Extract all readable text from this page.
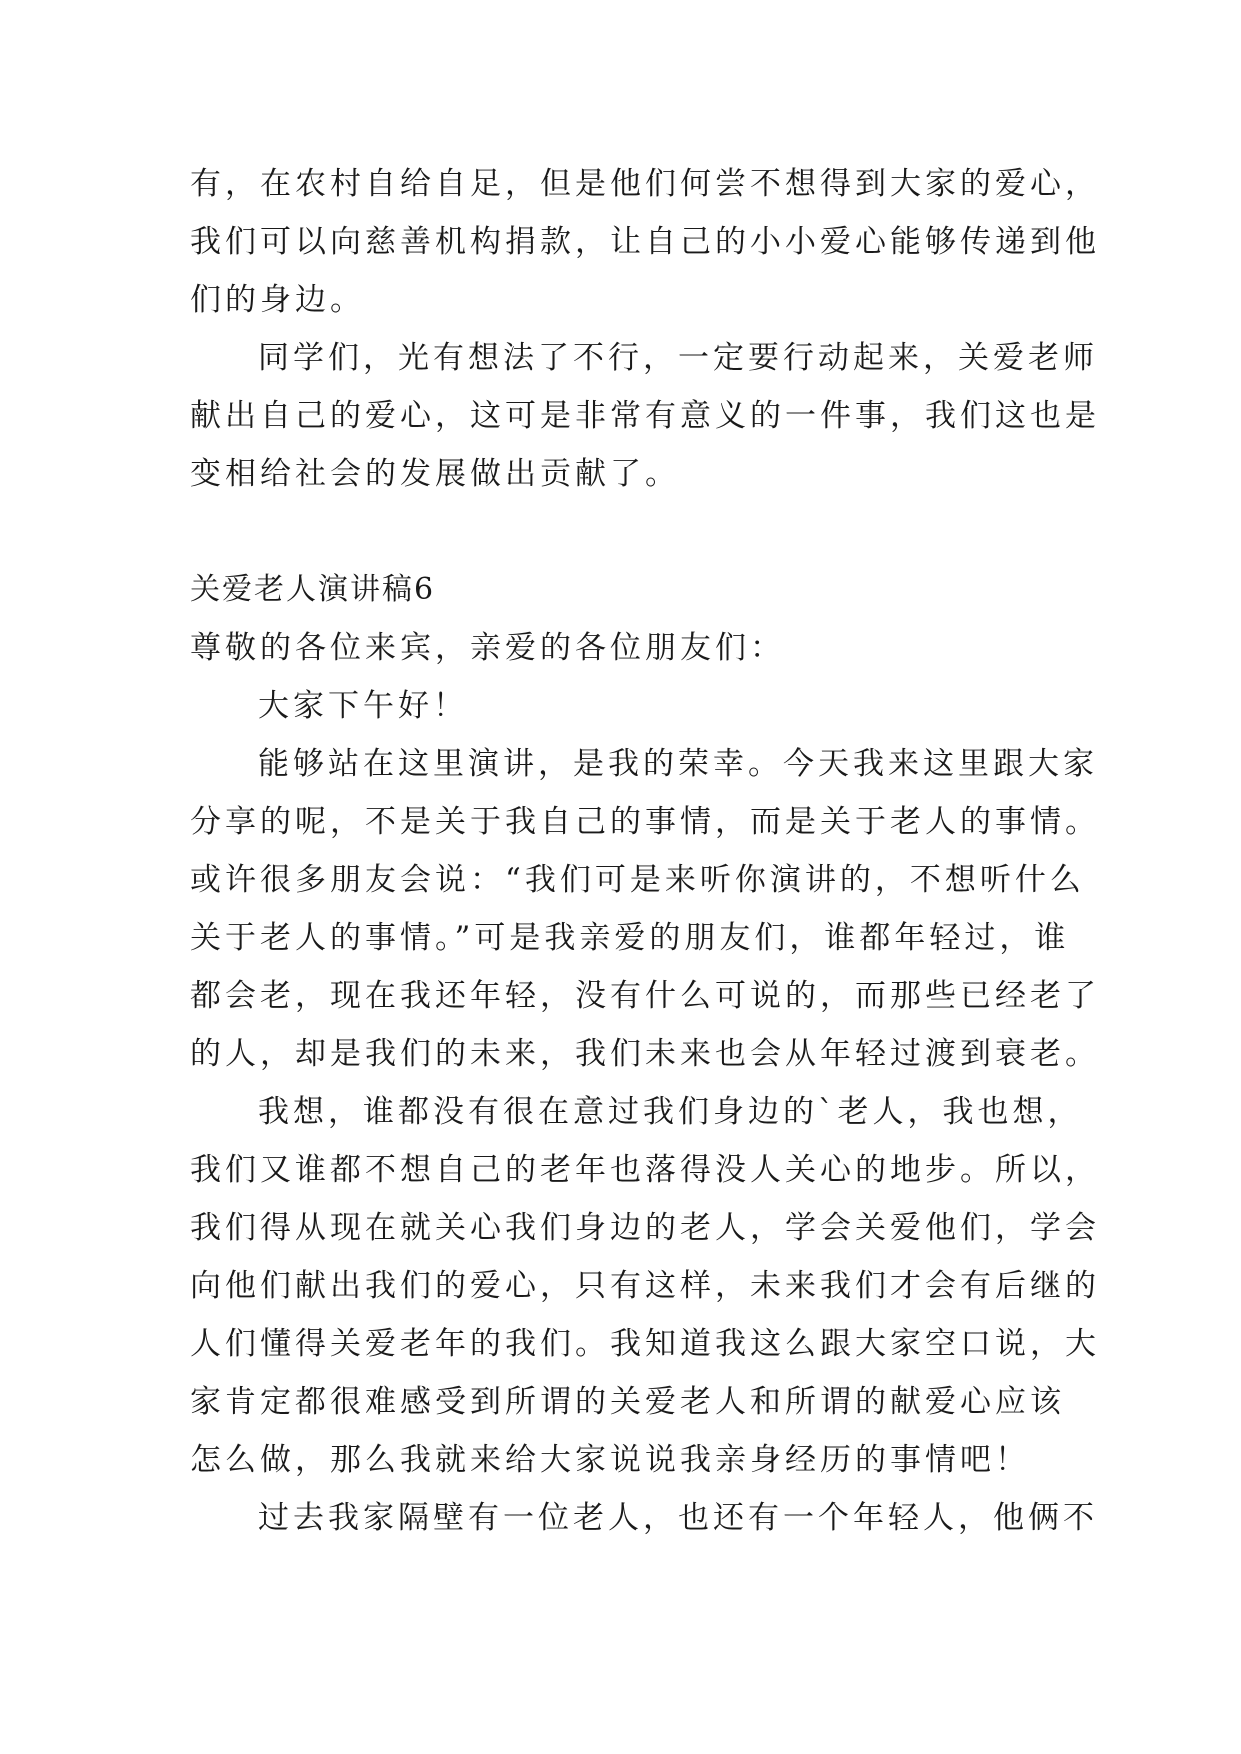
有，在农村自给自足，但是他们何尝不想得到大家的爱心，
我们可以向慈善机构捐款，让自己的小小爱心能够传递到他
们的身边。
同学们，光有想法了不行，一定要行动起来，关爱老师
献出自己的爱心，这可是非常有意义的一件事，我们这也是
变相给社会的发展做出贡献了。
关爱老人演讲稿6
尊敬的各位来宾，亲爱的各位朋友们：
大家下午好！
能够站在这里演讲，是我的荣幸。今天我来这里跟大家
分享的呢，不是关于我自己的事情，而是关于老人的事情。
或许很多朋友会说：“我们可是来听你演讲的，不想听什么
关于老人的事情。”可是我亲爱的朋友们，谁都年轻过，谁
都会老，现在我还年轻，没有什么可说的，而那些已经老了
的人，却是我们的未来，我们未来也会从年轻过渡到衰老。
我想，谁都没有很在意过我们身边的`老人，我也想，
我们又谁都不想自己的老年也落得没人关心的地步。所以，
我们得从现在就关心我们身边的老人，学会关爱他们，学会
向他们献出我们的爱心，只有这样，未来我们才会有后继的
人们懂得关爱老年的我们。我知道我这么跟大家空口说，大
家肯定都很难感受到所谓的关爱老人和所谓的献爱心应该
怎么做，那么我就来给大家说说我亲身经历的事情吧！
过去我家隔壁有一位老人，也还有一个年轻人，他俩不
